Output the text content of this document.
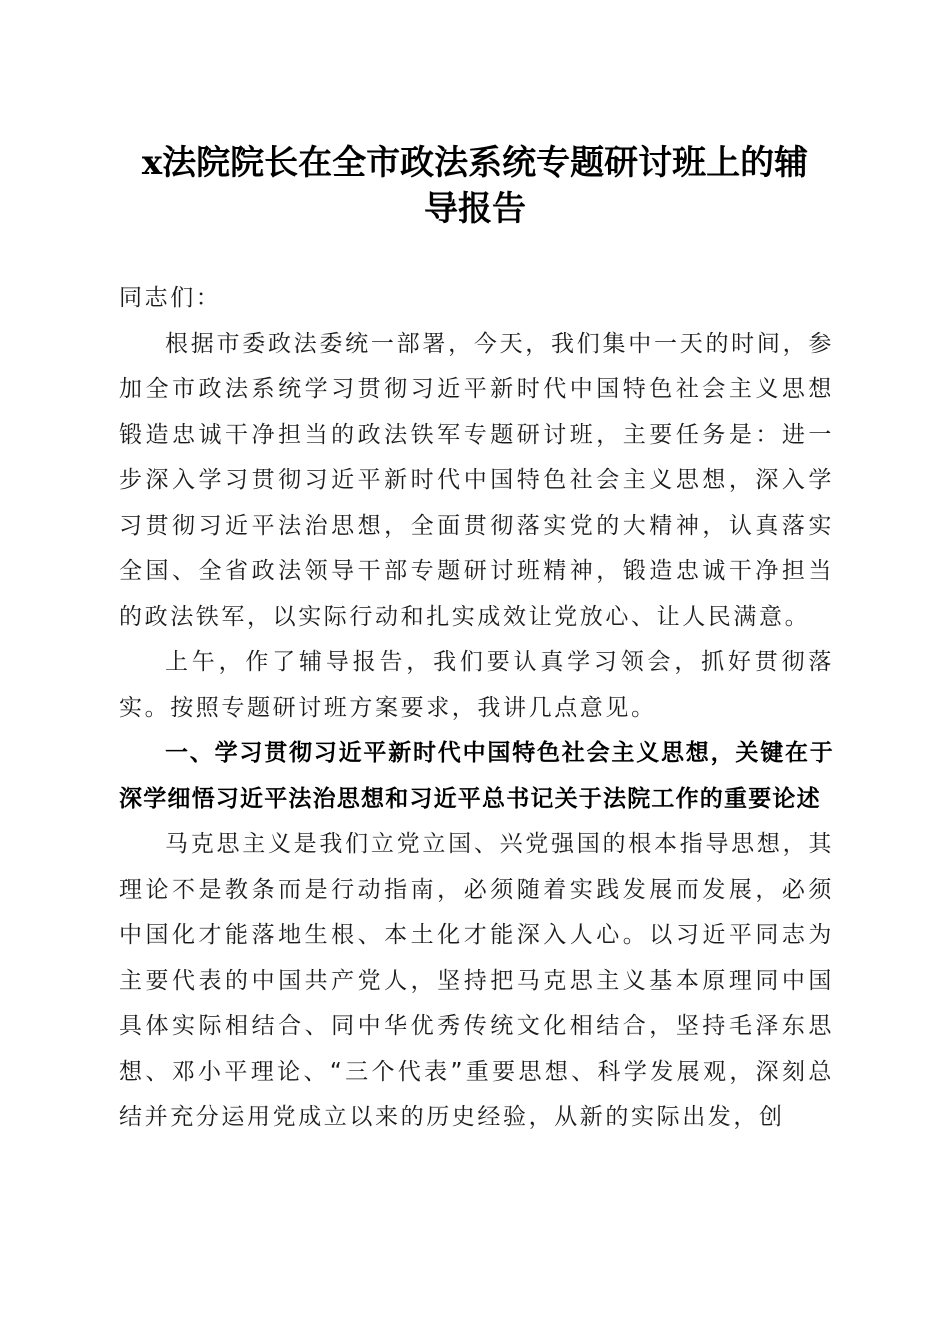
x法院院长在全市政法系统专题研讨班上的辅
导报告

同志们：

根据市委政法委统一部署，今天，我们集中一天的时间，参加全市政法系统学习贯彻习近平新时代中国特色社会主义思想锻造忠诚干净担当的政法铁军专题研讨班，主要任务是：进一步深入学习贯彻习近平新时代中国特色社会主义思想，深入学习贯彻习近平法治思想，全面贯彻落实党的大精神，认真落实全国、全省政法领导干部专题研讨班精神，锻造忠诚干净担当的政法铁军，以实际行动和扎实成效让党放心、让人民满意。

上午，作了辅导报告，我们要认真学习领会，抓好贯彻落实。按照专题研讨班方案要求，我讲几点意见。

一、学习贯彻习近平新时代中国特色社会主义思想，关键在于深学细悟习近平法治思想和习近平总书记关于法院工作的重要论述

马克思主义是我们立党立国、兴党强国的根本指导思想，其理论不是教条而是行动指南，必须随着实践发展而发展，必须中国化才能落地生根、本土化才能深入人心。以习近平同志为主要代表的中国共产党人，坚持把马克思主义基本原理同中国具体实际相结合、同中华优秀传统文化相结合，坚持毛泽东思想、邓小平理论、“三个代表”重要思想、科学发展观，深刻总结并充分运用党成立以来的历史经验，从新的实际出发，创
